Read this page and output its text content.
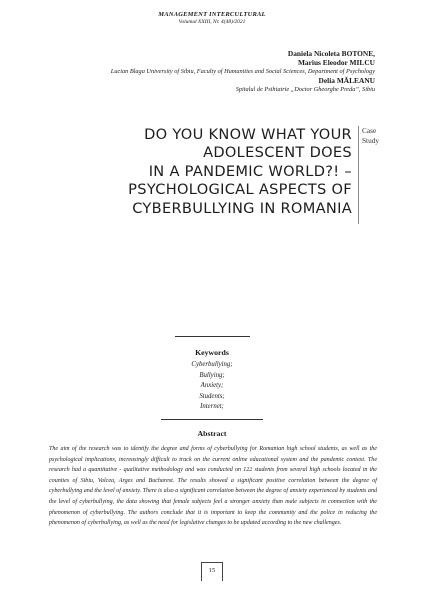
MANAGEMENT INTERCULTURAL
Volumul XXIII, Nr. 4(48)/2021
Daniela Nicoleta BOTONE,
Marius Eleodor MILCU
Lucian Blaga University of Sibiu, Faculty of Humanities and Social Sciences, Department of Psychology
Delia MĂLEANU
Spitalul de Psihiatrie „Doctor Gheorghe Preda”, Sibiu
DO YOU KNOW WHAT YOUR
ADOLESCENT DOES
IN A PANDEMIC WORLD?! –
PSYCHOLOGICAL ASPECTS OF
CYBERBULLYING IN ROMANIA
Case
Study
Keywords
Cyberbullying;
Bullying;
Anxiety;
Students;
Internet;
Abstract
The aim of the research was to identify the degree and forms of cyberbullying for Romanian high school students, as well as the psychological implications, increasingly difficult to track on the current online educational system and the pandemic context. The research had a quantitative - qualitative methodology and was conducted on 122 students from several high schools located in the counties of Sibiu, Valcea, Arges and Bucharest. The results showed a significant positive correlation between the degree of cyberbullying and the level of anxiety. There is also a significant correlation between the degree of anxiety experienced by students and the level of cyberbullying, the data showing that female subjects feel a stronger anxiety than male subjects in connection with the phenomenon of cyberbullying. The authors conclude that it is important to keep the community and the police in reducing the phenomenon of cyberbullying, as well as the need for legislative changes to be updated according to the new challenges.
15
